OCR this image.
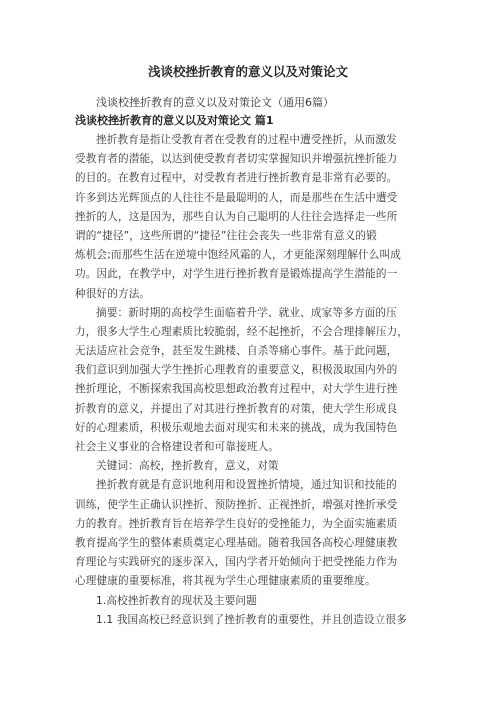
浅谈校挫折教育的意义以及对策论文
浅谈校挫折教育的意义以及对策论文（通用6篇）
浅谈校挫折教育的意义以及对策论文 篇1
挫折教育是指让受教育者在受教育的过程中遭受挫折，从而激发
受教育者的潜能，以达到使受教育者切实掌握知识并增强抗挫折能力
的目的。在教育过程中，对受教育者进行挫折教育是非常有必要的。
许多到达光辉顶点的人往往不是最聪明的人，而是那些在生活中遭受
挫折的人，这是因为，那些自认为自己聪明的人往往会选择走一些所
谓的“捷径”，这些所谓的“捷径”往往会丧失一些非常有意义的锻
炼机会;而那些生活在逆境中饱经风霜的人，才更能深刻理解什么叫成
功。因此，在教学中，对学生进行挫折教育是锻炼提高学生潜能的一
种很好的方法。
摘要：新时期的高校学生面临着升学、就业、成家等多方面的压
力，很多大学生心理素质比较脆弱，经不起挫折，不会合理排解压力，
无法适应社会竞争，甚至发生跳楼、自杀等痛心事件。基于此问题，
我们意识到加强大学生挫折心理教育的重要意义，积极汲取国内外的
挫折理论，不断探索我国高校思想政治教育过程中，对大学生进行挫
折教育的意义，并提出了对其进行挫折教育的对策，使大学生形成良
好的心理素质，积极乐观地去面对现实和未来的挑战，成为我国特色
社会主义事业的合格建设者和可靠接班人。
关键词：高校，挫折教育，意义，对策
挫折教育就是有意识地利用和设置挫折情境，通过知识和技能的
训练，使学生正确认识挫折、预防挫折、正视挫折，增强对挫折承受
力的教育。挫折教育旨在培养学生良好的受挫能力，为全面实施素质
教育提高学生的整体素质奠定心理基础。随着我国各高校心理健康教
育理论与实践研究的逐步深入，国内学者开始倾向于把受挫能力作为
心理健康的重要标准，将其视为学生心理健康素质的重要维度。
1.高校挫折教育的现状及主要问题
1.1 我国高校已经意识到了挫折教育的重要性，并且创造设立很多
